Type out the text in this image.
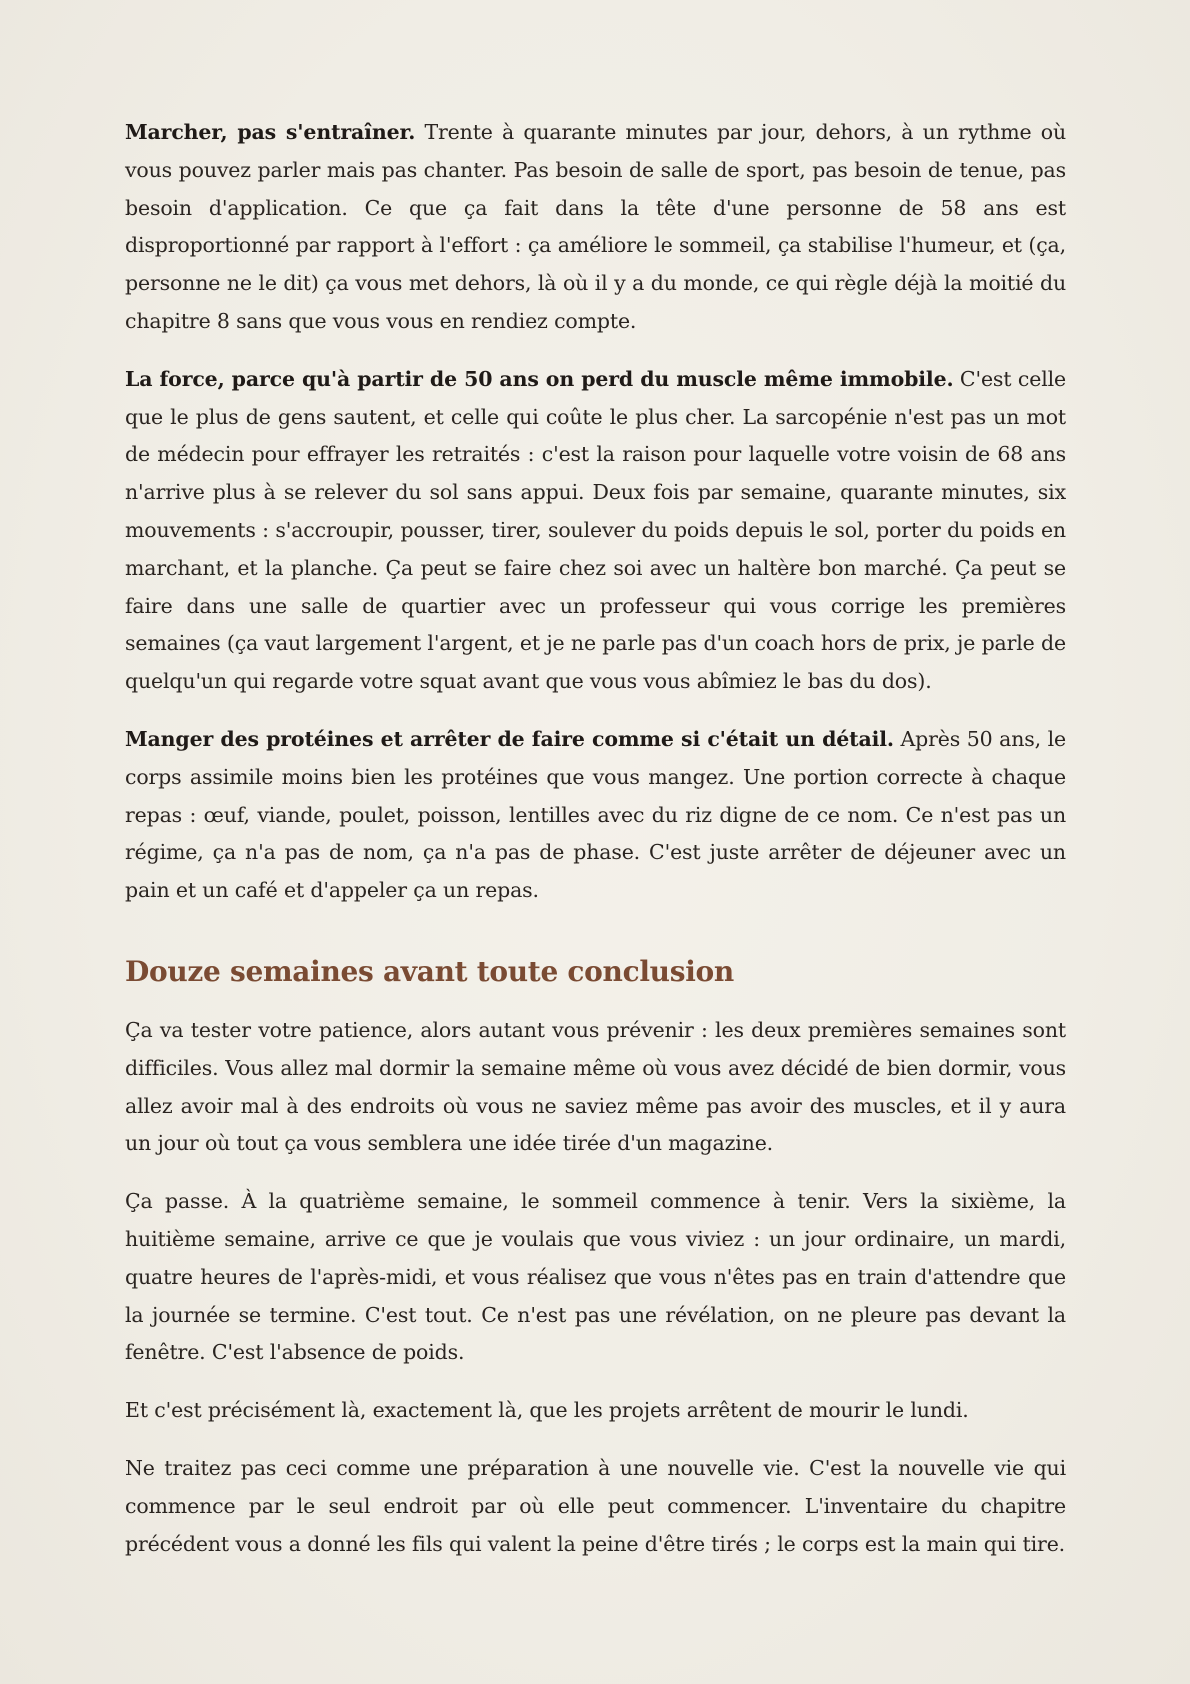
Marcher, pas s'entraîner. Trente à quarante minutes par jour, dehors, à un rythme où vous pouvez parler mais pas chanter. Pas besoin de salle de sport, pas besoin de tenue, pas besoin d'application. Ce que ça fait dans la tête d'une personne de 58 ans est disproportionné par rapport à l'effort : ça améliore le sommeil, ça stabilise l'humeur, et (ça, personne ne le dit) ça vous met dehors, là où il y a du monde, ce qui règle déjà la moitié du chapitre 8 sans que vous vous en rendiez compte.

La force, parce qu'à partir de 50 ans on perd du muscle même immobile. C'est celle que le plus de gens sautent, et celle qui coûte le plus cher. La sarcopénie n'est pas un mot de médecin pour effrayer les retraités : c'est la raison pour laquelle votre voisin de 68 ans n'arrive plus à se relever du sol sans appui. Deux fois par semaine, quarante minutes, six mouvements : s'accroupir, pousser, tirer, soulever du poids depuis le sol, porter du poids en marchant, et la planche. Ça peut se faire chez soi avec un haltère bon marché. Ça peut se faire dans une salle de quartier avec un professeur qui vous corrige les premières semaines (ça vaut largement l'argent, et je ne parle pas d'un coach hors de prix, je parle de quelqu'un qui regarde votre squat avant que vous vous abîmiez le bas du dos).

Manger des protéines et arrêter de faire comme si c'était un détail. Après 50 ans, le corps assimile moins bien les protéines que vous mangez. Une portion correcte à chaque repas : œuf, viande, poulet, poisson, lentilles avec du riz digne de ce nom. Ce n'est pas un régime, ça n'a pas de nom, ça n'a pas de phase. C'est juste arrêter de déjeuner avec un pain et un café et d'appeler ça un repas.

Douze semaines avant toute conclusion

Ça va tester votre patience, alors autant vous prévenir : les deux premières semaines sont difficiles. Vous allez mal dormir la semaine même où vous avez décidé de bien dormir, vous allez avoir mal à des endroits où vous ne saviez même pas avoir des muscles, et il y aura un jour où tout ça vous semblera une idée tirée d'un magazine.

Ça passe. À la quatrième semaine, le sommeil commence à tenir. Vers la sixième, la huitième semaine, arrive ce que je voulais que vous viviez : un jour ordinaire, un mardi, quatre heures de l'après-midi, et vous réalisez que vous n'êtes pas en train d'attendre que la journée se termine. C'est tout. Ce n'est pas une révélation, on ne pleure pas devant la fenêtre. C'est l'absence de poids.

Et c'est précisément là, exactement là, que les projets arrêtent de mourir le lundi.

Ne traitez pas ceci comme une préparation à une nouvelle vie. C'est la nouvelle vie qui commence par le seul endroit par où elle peut commencer. L'inventaire du chapitre précédent vous a donné les fils qui valent la peine d'être tirés ; le corps est la main qui tire.
